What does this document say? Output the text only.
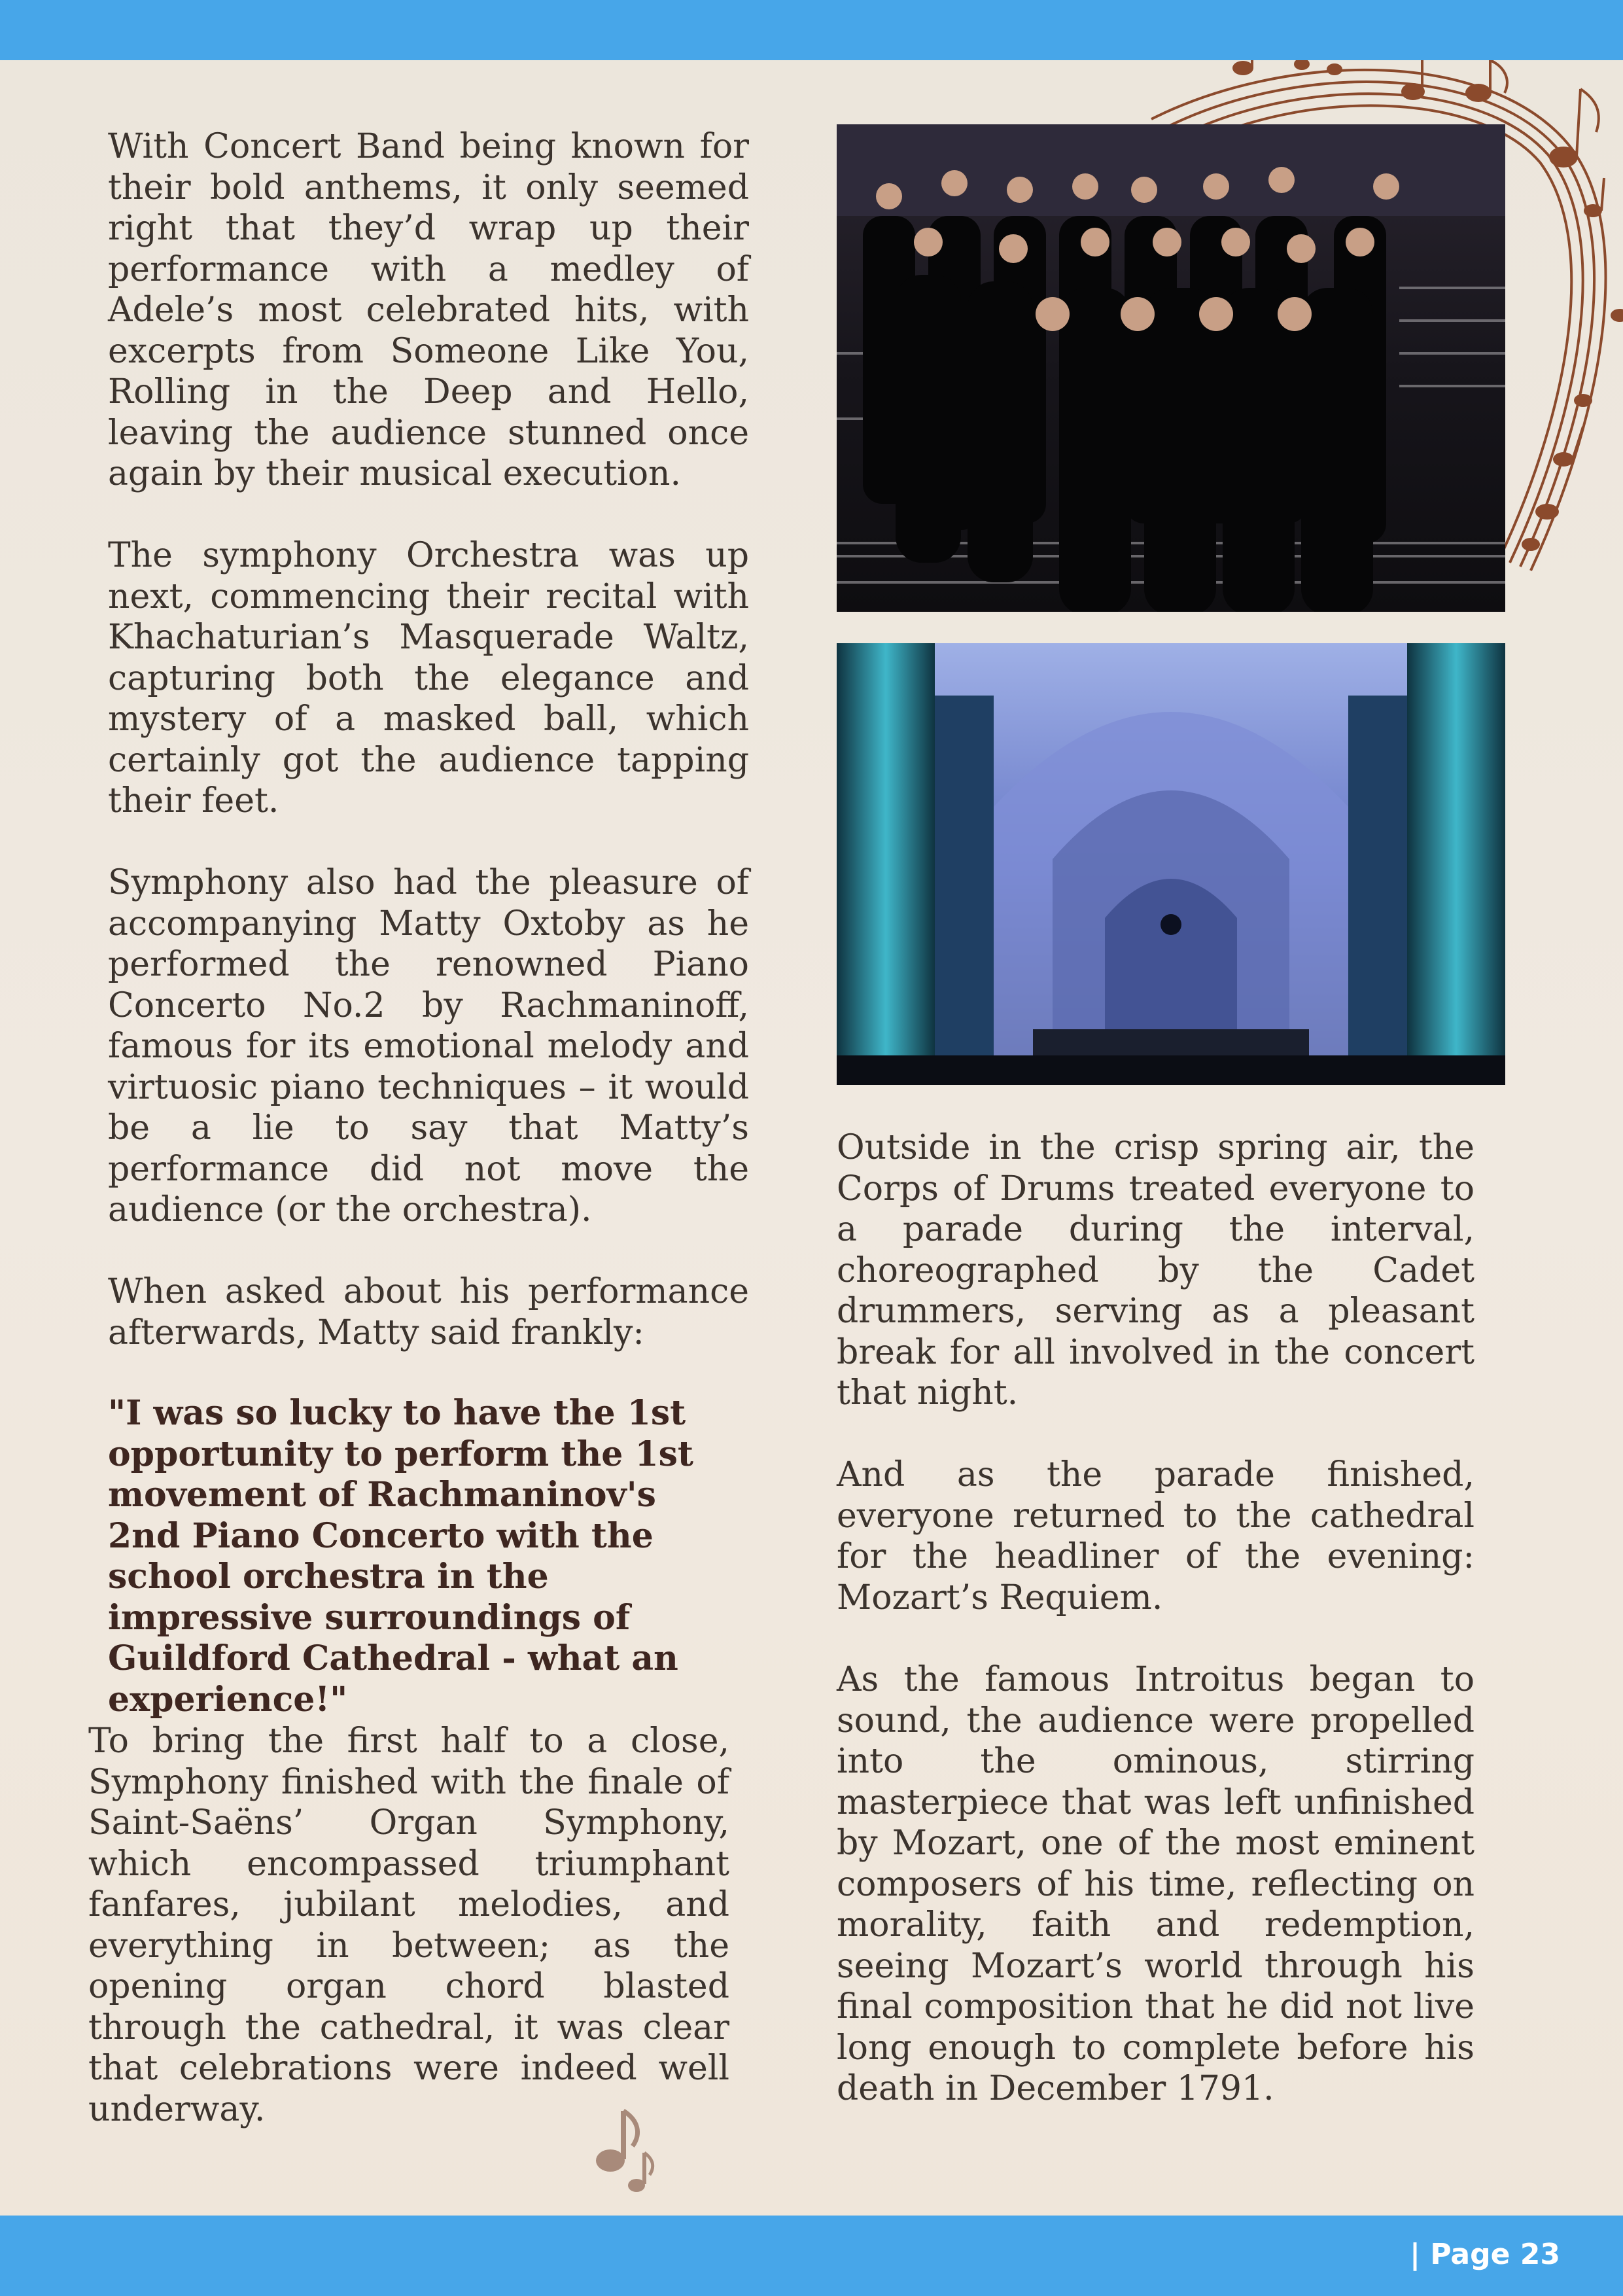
With Concert Band being known for their bold anthems, it only seemed right that they’d wrap up their performance with a medley of Adele’s most celebrated hits, with excerpts from Someone Like You, Rolling in the Deep and Hello, leaving the audience stunned once again by their musical execution.

The symphony Orchestra was up next, commencing their recital with Khachaturian’s Masquerade Waltz, capturing both the elegance and mystery of a masked ball, which certainly got the audience tapping their feet.

Symphony also had the pleasure of accompanying Matty Oxtoby as he performed the renowned Piano Concerto No.2 by Rachmaninoff, famous for its emotional melody and virtuosic piano techniques – it would be a lie to say that Matty’s performance did not move the audience (or the orchestra).

When asked about his performance afterwards, Matty said frankly:

"I was so lucky to have the 1st opportunity to perform the 1st movement of Rachmaninov's 2nd Piano Concerto with the school orchestra in the impressive surroundings of Guildford Cathedral - what an experience!"

To bring the first half to a close, Symphony finished with the finale of Saint-Saëns’ Organ Symphony, which encompassed triumphant fanfares, jubilant melodies, and everything in between; as the opening organ chord blasted through the cathedral, it was clear that celebrations were indeed well underway.

Outside in the crisp spring air, the Corps of Drums treated everyone to a parade during the interval, choreographed by the Cadet drummers, serving as a pleasant break for all involved in the concert that night.

And as the parade finished, everyone returned to the cathedral for the headliner of the evening: Mozart’s Requiem.

As the famous Introitus began to sound, the audience were propelled into the ominous, stirring masterpiece that was left unfinished by Mozart, one of the most eminent composers of his time, reflecting on morality, faith and redemption, seeing Mozart’s world through his final composition that he did not live long enough to complete before his death in December 1791.

| Page 23
